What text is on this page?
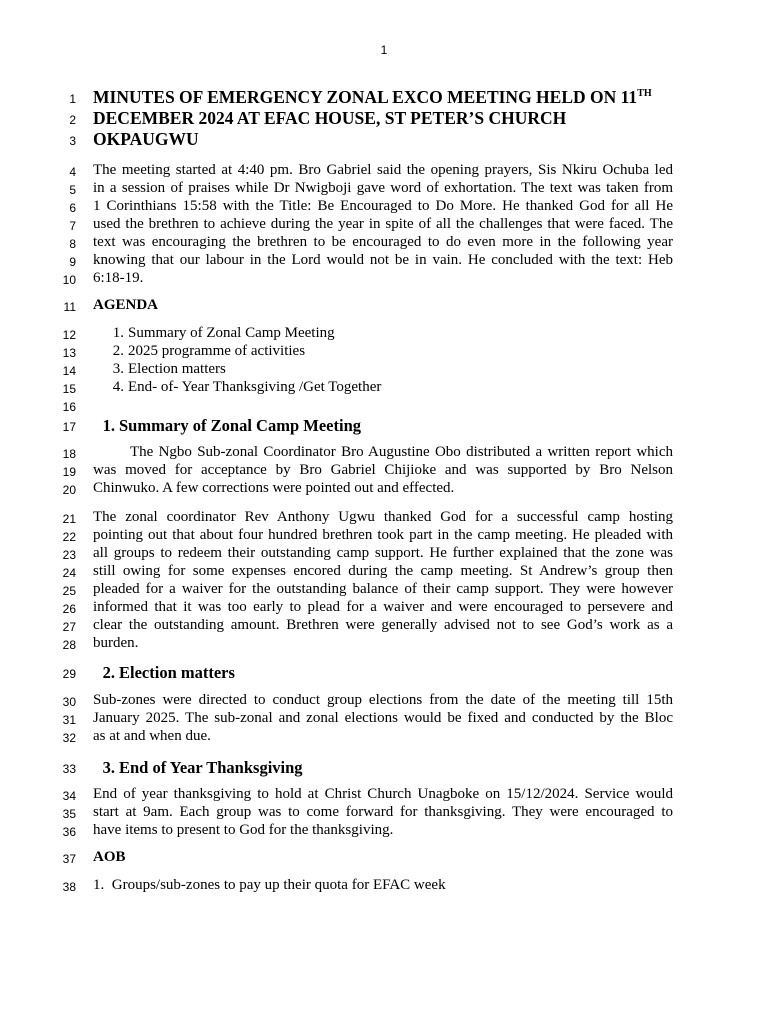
1
1
2
3
4
5
6
7
8
9
10
11
12
13
14
15
16
17
18
19
20
21
22
23
24
25
26
27
28
29
30
31
32
33
34
35
36
37
38
MINUTES OF EMERGENCY ZONAL EXCO MEETING HELD ON 11TH
DECEMBER 2024 AT EFAC HOUSE, ST PETER’S CHURCH
OKPAUGWU
The meeting started at 4:40 pm. Bro Gabriel said the opening prayers, Sis Nkiru Ochuba led
in a session of praises while Dr Nwigboji gave word of exhortation. The text was taken from
1 Corinthians 15:58 with the Title: Be Encouraged to Do More. He thanked God for all He
used the brethren to achieve during the year in spite of all the challenges that were faced. The
text was encouraging the brethren to be encouraged to do even more in the following year
knowing that our labour in the Lord would not be in vain. He concluded with the text: Heb
6:18-19.
AGENDA
1. Summary of Zonal Camp Meeting
2. 2025 programme of activities
3. Election matters
4. End- of- Year Thanksgiving /Get Together
1. Summary of Zonal Camp Meeting
The Ngbo Sub-zonal Coordinator Bro Augustine Obo distributed a written report which
was moved for acceptance by Bro Gabriel Chijioke and was supported by Bro Nelson
Chinwuko. A few corrections were pointed out and effected.
The zonal coordinator Rev Anthony Ugwu thanked God for a successful camp hosting
pointing out that about four hundred brethren took part in the camp meeting. He pleaded with
all groups to redeem their outstanding camp support. He further explained that the zone was
still owing for some expenses encored during the camp meeting. St Andrew’s group then
pleaded for a waiver for the outstanding balance of their camp support. They were however
informed that it was too early to plead for a waiver and were encouraged to persevere and
clear the outstanding amount. Brethren were generally advised not to see God’s work as a
burden.
2. Election matters
Sub-zones were directed to conduct group elections from the date of the meeting till 15th
January 2025. The sub-zonal and zonal elections would be fixed and conducted by the Bloc
as at and when due.
3. End of Year Thanksgiving
End of year thanksgiving to hold at Christ Church Unagboke on 15/12/2024. Service would
start at 9am. Each group was to come forward for thanksgiving. They were encouraged to
have items to present to God for the thanksgiving.
AOB
1.  Groups/sub-zones to pay up their quota for EFAC week
